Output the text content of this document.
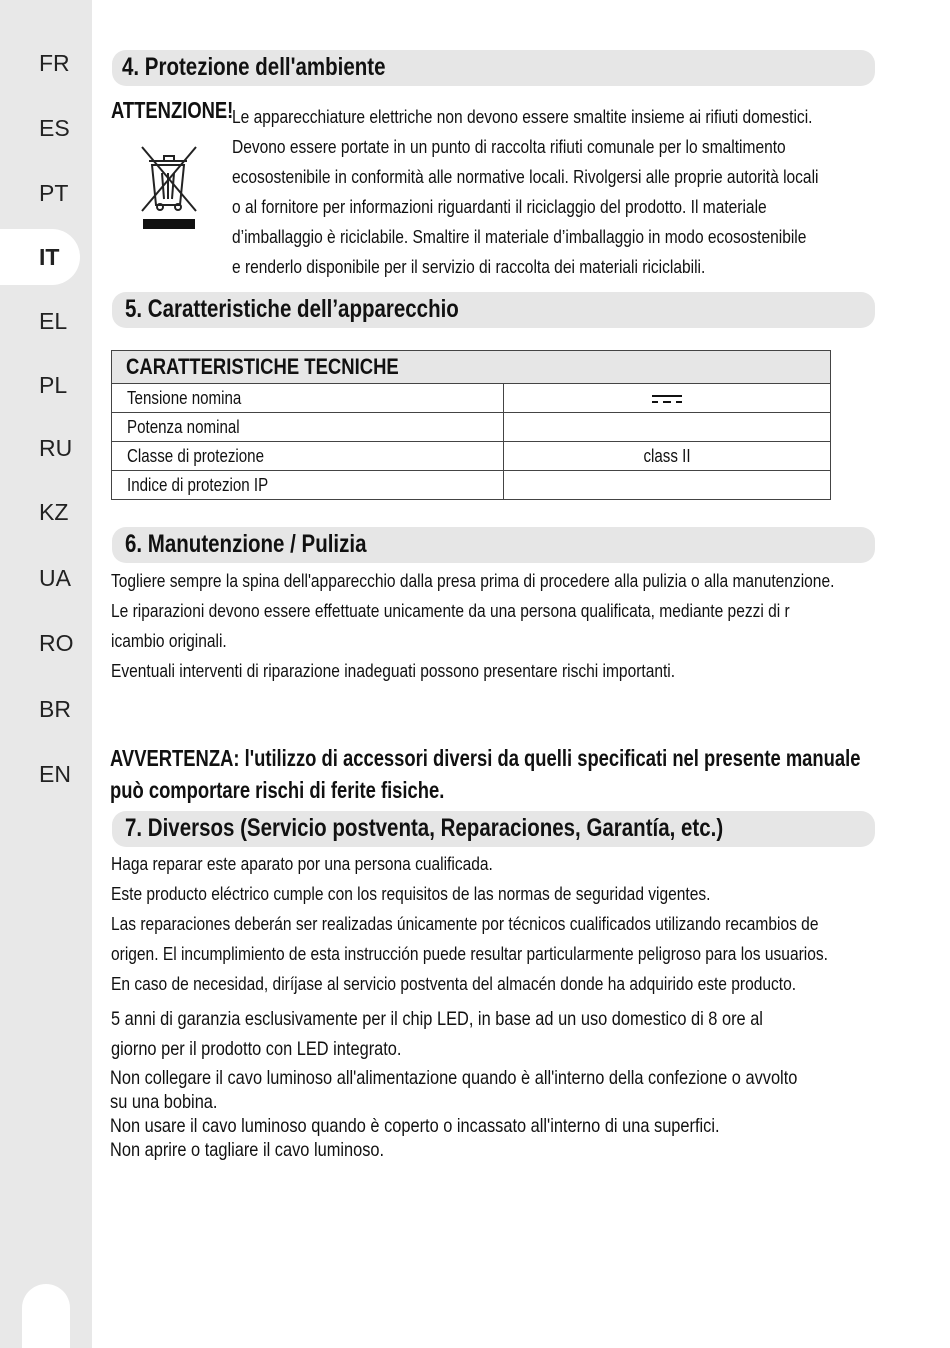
FR
ES
PT
IT
EL
PL
RU
KZ
UA
RO
BR
EN
4. Protezione dell'ambiente
ATTENZIONE!
Le apparecchiature elettriche non devono essere smaltite insieme ai rifiuti domestici.
Devono essere portate in un punto di raccolta rifiuti comunale per lo smaltimento
ecosostenibile in conformità alle normative locali. Rivolgersi alle proprie autorità locali
o al fornitore per informazioni riguardanti il riciclaggio del prodotto. Il materiale
d’imballaggio è riciclabile. Smaltire il materiale d’imballaggio in modo ecosostenibile
e renderlo disponibile per il servizio di raccolta dei materiali riciclabili.
5. Caratteristiche dell’apparecchio
CARATTERISTICHE TECNICHE	
Tensione nomina	
Potenza nominal	
Classe di protezione	class II
Indice di protezion IP	
6. Manutenzione / Pulizia
Togliere sempre la spina dell'apparecchio dalla presa prima di procedere alla pulizia o alla manutenzione.
Le riparazioni devono essere effettuate unicamente da una persona qualificata, mediante pezzi di r
icambio originali.
Eventuali interventi di riparazione inadeguati possono presentare rischi importanti.
AVVERTENZA: l'utilizzo di accessori diversi da quelli specificati nel presente manuale
può comportare rischi di ferite fisiche.
7. Diversos (Servicio postventa, Reparaciones, Garantía, etc.)
Haga reparar este aparato por una persona cualificada.
Este producto eléctrico cumple con los requisitos de las normas de seguridad vigentes.
Las reparaciones deberán ser realizadas únicamente por técnicos cualificados utilizando recambios de
origen. El incumplimiento de esta instrucción puede resultar particularmente peligroso para los usuarios.
En caso de necesidad, diríjase al servicio postventa del almacén donde ha adquirido este producto.
5 anni di garanzia esclusivamente per il chip LED, in base ad un uso domestico di 8 ore al
giorno per il prodotto con LED integrato.
Non collegare il cavo luminoso all'alimentazione quando è all'interno della confezione o avvolto
su una bobina.
Non usare il cavo luminoso quando è coperto o incassato all'interno di una superfici.
Non aprire o tagliare il cavo luminoso.
